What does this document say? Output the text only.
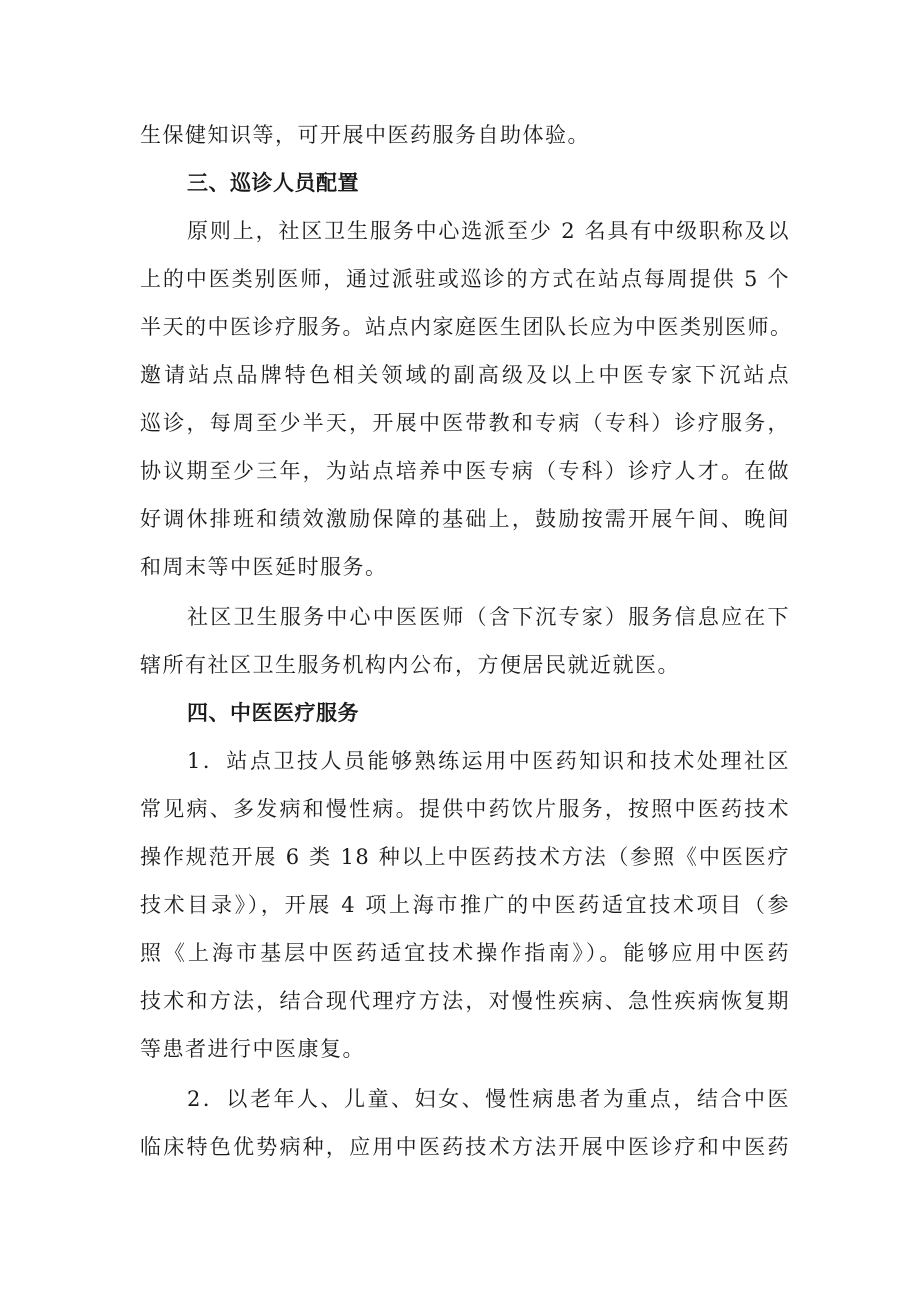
生保健知识等，可开展中医药服务自助体验。
三、巡诊人员配置
原则上，社区卫生服务中心选派至少 2 名具有中级职称及以
上的中医类别医师，通过派驻或巡诊的方式在站点每周提供 5 个
半天的中医诊疗服务。站点内家庭医生团队长应为中医类别医师。
邀请站点品牌特色相关领域的副高级及以上中医专家下沉站点
巡诊，每周至少半天，开展中医带教和专病（专科）诊疗服务，
协议期至少三年，为站点培养中医专病（专科）诊疗人才。在做
好调休排班和绩效激励保障的基础上，鼓励按需开展午间、晚间
和周末等中医延时服务。
社区卫生服务中心中医医师（含下沉专家）服务信息应在下
辖所有社区卫生服务机构内公布，方便居民就近就医。
四、中医医疗服务
1．站点卫技人员能够熟练运用中医药知识和技术处理社区
常见病、多发病和慢性病。提供中药饮片服务，按照中医药技术
操作规范开展 6 类 18 种以上中医药技术方法（参照《中医医疗
技术目录》），开展 4 项上海市推广的中医药适宜技术项目（参
照《上海市基层中医药适宜技术操作指南》）。能够应用中医药
技术和方法，结合现代理疗方法，对慢性疾病、急性疾病恢复期
等患者进行中医康复。
2．以老年人、儿童、妇女、慢性病患者为重点，结合中医
临床特色优势病种，应用中医药技术方法开展中医诊疗和中医药
